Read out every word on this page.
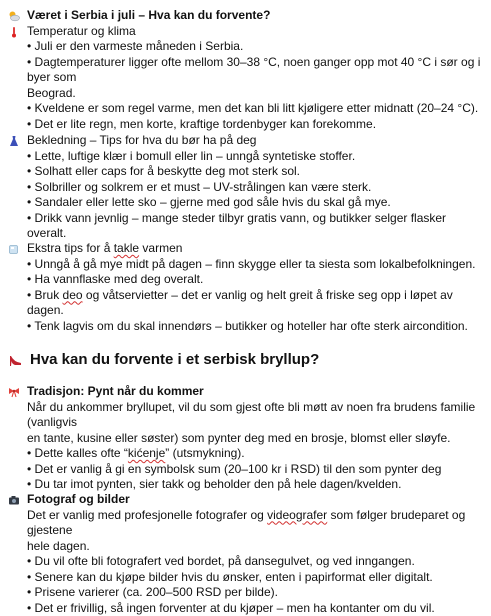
Været i Serbia i juli – Hva kan du forvente?
Temperatur og klima
• Juli er den varmeste måneden i Serbia.
• Dagtemperaturer ligger ofte mellom 30–38 °C, noen ganger opp mot 40 °C i sør og i byer som
Beograd.
• Kveldene er som regel varme, men det kan bli litt kjøligere etter midnatt (20–24 °C).
• Det er lite regn, men korte, kraftige tordenbyger kan forekomme.
Bekledning – Tips for hva du bør ha på deg
• Lette, luftige klær i bomull eller lin – unngå syntetiske stoffer.
• Solhatt eller caps for å beskytte deg mot sterk sol.
• Solbriller og solkrem er et must – UV-strålingen kan være sterk.
• Sandaler eller lette sko – gjerne med god såle hvis du skal gå mye.
• Drikk vann jevnlig – mange steder tilbyr gratis vann, og butikker selger flasker overalt.
Ekstra tips for å takle varmen
• Unngå å gå mye midt på dagen – finn skygge eller ta siesta som lokalbefolkningen.
• Ha vannflaske med deg overalt.
• Bruk deo og våtservietter – det er vanlig og helt greit å friske seg opp i løpet av dagen.
• Tenk lagvis om du skal innendørs – butikker og hoteller har ofte sterk aircondition.
Hva kan du forvente i et serbisk bryllup?
Tradisjon: Pynt når du kommer
Når du ankommer bryllupet, vil du som gjest ofte bli møtt av noen fra brudens familie (vanligvis
en tante, kusine eller søster) som pynter deg med en brosje, blomst eller sløyfe.
• Dette kalles ofte “kićenje” (utsmykning).
• Det er vanlig å gi en symbolsk sum (20–100 kr i RSD) til den som pynter deg
• Du tar imot pynten, sier takk og beholder den på hele dagen/kvelden.
Fotograf og bilder
Det er vanlig med profesjonelle fotografer og videografer som følger brudeparet og gjestene
hele dagen.
• Du vil ofte bli fotografert ved bordet, på dansegulvet, og ved inngangen.
• Senere kan du kjøpe bilder hvis du ønsker, enten i papirformat eller digitalt.
• Prisene varierer (ca. 200–500 RSD per bilde).
• Det er frivillig, så ingen forventer at du kjøper – men ha kontanter om du vil.
